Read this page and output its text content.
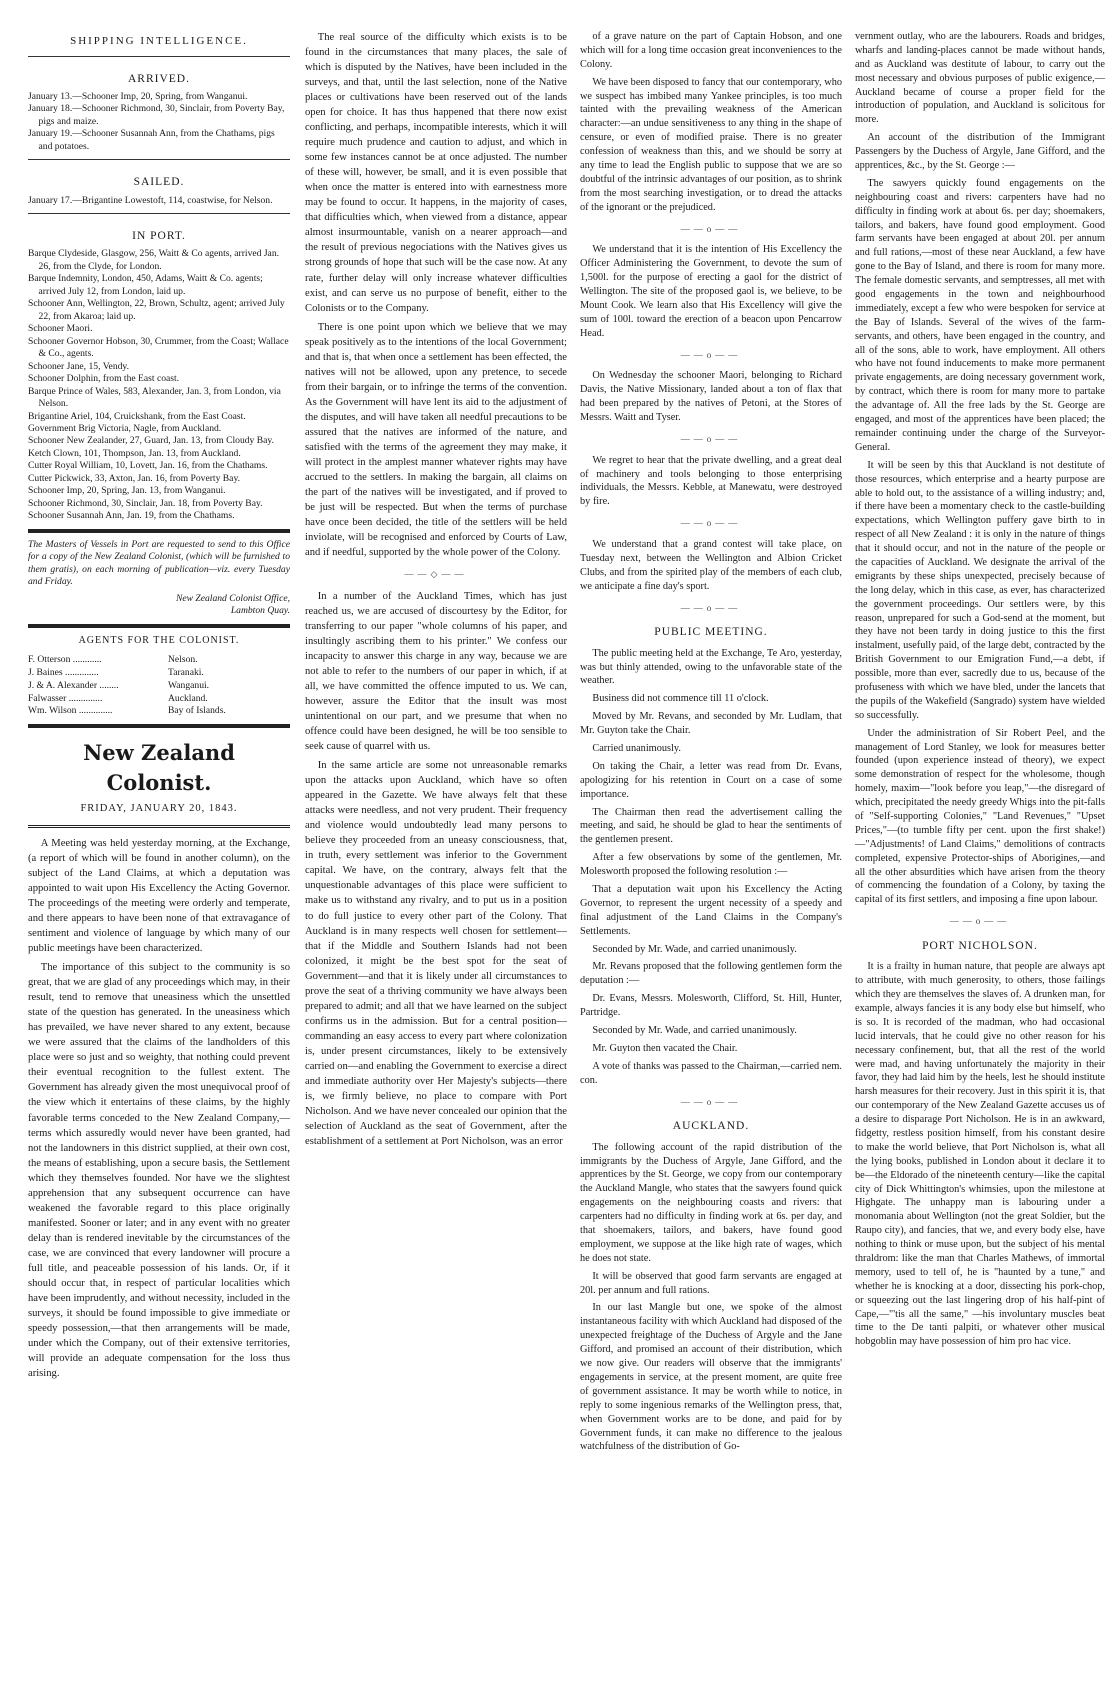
SHIPPING INTELLIGENCE.
ARRIVED.

January 13.—Schooner Imp, 20, Spring, from Wanganui.

January 18.—Schooner Richmond, 30, Sinclair, from Poverty Bay, pigs and maize.

January 19.—Schooner Susannah Ann, from the Chathams, pigs and potatoes.

SAILED.

January 17.—Brigantine Lowestoft, 114, coastwise, for Nelson.

IN PORT.

Barque Clydeside, Glasgow, 256, Waitt & Co agents, arrived Jan. 26, from the Clyde, for London.

Barque Indemnity, London, 450, Adams, Waitt & Co. agents; arrived July 12, from London, laid up.

Schooner Ann, Wellington, 22, Brown, Schultz, agent; arrived July 22, from Akaroa; laid up.

Schooner Maori.

Schooner Governor Hobson, 30, Crummer, from the Coast; Wallace & Co., agents.

Schooner Jane, 15, Vendy.

Schooner Dolphin, from the East coast.

Barque Prince of Wales, 583, Alexander, Jan. 3, from London, via Nelson.

Brigantine Ariel, 104, Cruickshank, from the East Coast.

Government Brig Victoria, Nagle, from Auckland.

Schooner New Zealander, 27, Guard, Jan. 13, from Cloudy Bay.

Ketch Clown, 101, Thompson, Jan. 13, from Auckland.

Cutter Royal William, 10, Lovett, Jan. 16, from the Chathams.

Cutter Pickwick, 33, Axton, Jan. 16, from Poverty Bay.

Schooner Imp, 20, Spring, Jan. 13, from Wanganui.

Schooner Richmond, 30, Sinclair, Jan. 18, from Poverty Bay.

Schooner Susannah Ann, Jan. 19, from the Chathams.

The Masters of Vessels in Port are requested to send to this Office for a copy of the New Zealand Colonist, (which will be furnished to them gratis), on each morning of publication—viz. every Tuesday and Friday.

New Zealand Colonist Office,
Lambton Quay.
AGENTS FOR THE COLONIST.
F. Otterson ............	Nelson.
J. Baines ..............	Taranaki.
J. & A. Alexander ........	Wanganui.
Falwasser ..............	Auckland.
Wm. Wilson ..............	Bay of Islands.
New Zealand Colonist.
FRIDAY, JANUARY 20, 1843.

A Meeting was held yesterday morning, at the Exchange, (a report of which will be found in another column), on the subject of the Land Claims, at which a deputation was appointed to wait upon His Excellency the Acting Governor. The proceedings of the meeting were orderly and temperate, and there appears to have been none of that extravagance of sentiment and violence of language by which many of our public meetings have been characterized.

The importance of this subject to the community is so great, that we are glad of any proceedings which may, in their result, tend to remove that uneasiness which the unsettled state of the question has generated. In the uneasiness which has prevailed, we have never shared to any extent, because we were assured that the claims of the landholders of this place were so just and so weighty, that nothing could prevent their eventual recognition to the fullest extent. The Government has already given the most unequivocal proof of the view which it entertains of these claims, by the highly favorable terms conceded to the New Zealand Company,—terms which assuredly would never have been granted, had not the landowners in this district supplied, at their own cost, the means of establishing, upon a secure basis, the Settlement which they themselves founded. Nor have we the slightest apprehension that any subsequent occurrence can have weakened the favorable regard to this place originally manifested. Sooner or later; and in any event with no greater delay than is rendered inevitable by the circumstances of the case, we are convinced that every landowner will procure a full title, and peaceable possession of his lands. Or, if it should occur that, in respect of particular localities which have been imprudently, and without necessity, included in the surveys, it should be found impossible to give immediate or speedy possession,—that then arrangements will be made, under which the Company, out of their extensive territories, will provide an adequate compensation for the loss thus arising.

The real source of the difficulty which exists is to be found in the circumstances that many places, the sale of which is disputed by the Natives, have been included in the surveys, and that, until the last selection, none of the Native places or cultivations have been reserved out of the lands open for choice. It has thus happened that there now exist conflicting, and perhaps, incompatible interests, which it will require much prudence and caution to adjust, and which in some few instances cannot be at once adjusted. The number of these will, however, be small, and it is even possible that when once the matter is entered into with earnestness more may be found to occur. It happens, in the majority of cases, that difficulties which, when viewed from a distance, appear almost insurmountable, vanish on a nearer approach—and the result of previous negociations with the Natives gives us strong grounds of hope that such will be the case now. At any rate, further delay will only increase whatever difficulties exist, and can serve us no purpose of benefit, either to the Colonists or to the Company.

There is one point upon which we believe that we may speak positively as to the intentions of the local Government; and that is, that when once a settlement has been effected, the natives will not be allowed, upon any pretence, to secede from their bargain, or to infringe the terms of the convention. As the Government will have lent its aid to the adjustment of the disputes, and will have taken all needful precautions to be assured that the natives are informed of the nature, and satisfied with the terms of the agreement they may make, it will protect in the amplest manner whatever rights may have accrued to the settlers. In making the bargain, all claims on the part of the natives will be investigated, and if proved to be just will be respected. But when the terms of purchase have once been decided, the title of the settlers will be held inviolate, will be recognised and enforced by Courts of Law, and if needful, supported by the whole power of the Colony.

——◇——

In a number of the Auckland Times, which has just reached us, we are accused of discourtesy by the Editor, for transferring to our paper "whole columns of his paper, and insultingly ascribing them to his printer." We confess our incapacity to answer this charge in any way, because we are not able to refer to the numbers of our paper in which, if at all, we have committed the offence imputed to us. We can, however, assure the Editor that the insult was most unintentional on our part, and we presume that when no offence could have been designed, he will be too sensible to seek cause of quarrel with us.

In the same article are some not unreasonable remarks upon the attacks upon Auckland, which have so often appeared in the Gazette. We have always felt that these attacks were needless, and not very prudent. Their frequency and violence would undoubtedly lead many persons to believe they proceeded from an uneasy consciousness, that, in truth, every settlement was inferior to the Government capital. We have, on the contrary, always felt that the unquestionable advantages of this place were sufficient to make us to withstand any rivalry, and to put us in a position to do full justice to every other part of the Colony. That Auckland is in many respects well chosen for settlement—that if the Middle and Southern Islands had not been colonized, it might be the best spot for the seat of Government—and that it is likely under all circumstances to prove the seat of a thriving community we have always been prepared to admit; and all that we have learned on the subject confirms us in the admission. But for a central position—commanding an easy access to every part where colonization is, under present circumstances, likely to be extensively carried on—and enabling the Government to exercise a direct and immediate authority over Her Majesty's subjects—there is, we firmly believe, no place to compare with Port Nicholson. And we have never concealed our opinion that the selection of Auckland as the seat of Government, after the establishment of a settlement at Port Nicholson, was an error

of a grave nature on the part of Captain Hobson, and one which will for a long time occasion great inconveniences to the Colony.

We have been disposed to fancy that our contemporary, who we suspect has imbibed many Yankee principles, is too much tainted with the prevailing weakness of the American character:—an undue sensitiveness to any thing in the shape of censure, or even of modified praise. There is no greater confession of weakness than this, and we should be sorry at any time to lead the English public to suppose that we are so doubtful of the intrinsic advantages of our position, as to shrink from the most searching investigation, or to dread the attacks of the ignorant or the prejudiced.

——o——

We understand that it is the intention of His Excellency the Officer Administering the Government, to devote the sum of 1,500l. for the purpose of erecting a gaol for the district of Wellington. The site of the proposed gaol is, we believe, to be Mount Cook. We learn also that His Excellency will give the sum of 100l. toward the erection of a beacon upon Pencarrow Head.

——o——

On Wednesday the schooner Maori, belonging to Richard Davis, the Native Missionary, landed about a ton of flax that had been prepared by the natives of Petoni, at the Stores of Messrs. Waitt and Tyser.

——o——

We regret to hear that the private dwelling, and a great deal of machinery and tools belonging to those enterprising individuals, the Messrs. Kebble, at Manewatu, were destroyed by fire.

——o——

We understand that a grand contest will take place, on Tuesday next, between the Wellington and Albion Cricket Clubs, and from the spirited play of the members of each club, we anticipate a fine day's sport.

——o——
PUBLIC MEETING.

The public meeting held at the Exchange, Te Aro, yesterday, was but thinly attended, owing to the unfavorable state of the weather.

Business did not commence till 11 o'clock.

Moved by Mr. Revans, and seconded by Mr. Ludlam, that Mr. Guyton take the Chair.

Carried unanimously.

On taking the Chair, a letter was read from Dr. Evans, apologizing for his retention in Court on a case of some importance.

The Chairman then read the advertisement calling the meeting, and said, he should be glad to hear the sentiments of the gentlemen present.

After a few observations by some of the gentlemen, Mr. Molesworth proposed the following resolution :—

That a deputation wait upon his Excellency the Acting Governor, to represent the urgent necessity of a speedy and final adjustment of the Land Claims in the Company's Settlements.

Seconded by Mr. Wade, and carried unanimously.

Mr. Revans proposed that the following gentlemen form the deputation :—

Dr. Evans, Messrs. Molesworth, Clifford, St. Hill, Hunter, Partridge.

Seconded by Mr. Wade, and carried unanimously.

Mr. Guyton then vacated the Chair.

A vote of thanks was passed to the Chairman,—carried nem. con.

——o——
AUCKLAND.

The following account of the rapid distribution of the immigrants by the Duchess of Argyle, Jane Gifford, and the apprentices by the St. George, we copy from our contemporary the Auckland Mangle, who states that the sawyers found quick engagements on the neighbouring coasts and rivers: that carpenters had no difficulty in finding work at 6s. per day, and that shoemakers, tailors, and bakers, have found good employment, we suppose at the like high rate of wages, which he does not state.

It will be observed that good farm servants are engaged at 20l. per annum and full rations.

In our last Mangle but one, we spoke of the almost instantaneous facility with which Auckland had disposed of the unexpected freightage of the Duchess of Argyle and the Jane Gifford, and promised an account of their distribution, which we now give. Our readers will observe that the immigrants' engagements in service, at the present moment, are quite free of government assistance. It may be worth while to notice, in reply to some ingenious remarks of the Wellington press, that, when Government works are to be done, and paid for by Government funds, it can make no difference to the jealous watchfulness of the distribution of Go-

vernment outlay, who are the labourers. Roads and bridges, wharfs and landing-places cannot be made without hands, and as Auckland was destitute of labour, to carry out the most necessary and obvious purposes of public exigence,—Auckland became of course a proper field for the introduction of population, and Auckland is solicitous for more.

An account of the distribution of the Immigrant Passengers by the Duchess of Argyle, Jane Gifford, and the apprentices, &c., by the St. George :—

The sawyers quickly found engagements on the neighbouring coast and rivers: carpenters have had no difficulty in finding work at about 6s. per day; shoemakers, tailors, and bakers, have found good employment. Good farm servants have been engaged at about 20l. per annum and full rations,—most of these near Auckland, a few have gone to the Bay of Island, and there is room for many more. The female domestic servants, and semptresses, all met with good engagements in the town and neighbourhood immediately, except a few who were bespoken for service at the Bay of Islands. Several of the wives of the farm-servants, and others, have been engaged in the country, and all of the sons, able to work, have employment. All others who have not found inducements to make more permanent private engagements, are doing necessary government work, by contract, which there is room for many more to partake the advantage of. All the free lads by the St. George are engaged, and most of the apprentices have been placed; the remainder continuing under the charge of the Surveyor-General.

It will be seen by this that Auckland is not destitute of those resources, which enterprise and a hearty purpose are able to hold out, to the assistance of a willing industry; and, if there have been a momentary check to the castle-building expectations, which Wellington puffery gave birth to in respect of all New Zealand : it is only in the nature of things that it should occur, and not in the nature of the people or the capacities of Auckland. We designate the arrival of the emigrants by these ships unexpected, precisely because of the long delay, which in this case, as ever, has characterized the government proceedings. Our settlers were, by this reason, unprepared for such a God-send at the moment, but they have not been tardy in doing justice to this the first instalment, usefully paid, of the large debt, contracted by the British Government to our Emigration Fund,—a debt, if possible, more than ever, sacredly due to us, because of the profuseness with which we have bled, under the lancets that the pupils of the Wakefield (Sangrado) system have wielded so successfully.

Under the administration of Sir Robert Peel, and the management of Lord Stanley, we look for measures better founded (upon experience instead of theory), we expect some demonstration of respect for the wholesome, though homely, maxim—"look before you leap,"—the disregard of which, precipitated the needy greedy Whigs into the pit-falls of "Self-supporting Colonies," "Land Revenues," "Upset Prices,"—(to tumble fifty per cent. upon the first shake!)—"Adjustments! of Land Claims," demolitions of contracts completed, expensive Protector-ships of Aborigines,—and all the other absurdities which have arisen from the theory of commencing the foundation of a Colony, by taxing the capital of its first settlers, and imposing a fine upon labour.

——o——
PORT NICHOLSON.

It is a frailty in human nature, that people are always apt to attribute, with much generosity, to others, those failings which they are themselves the slaves of. A drunken man, for example, always fancies it is any body else but himself, who is so. It is recorded of the madman, who had occasional lucid intervals, that he could give no other reason for his necessary confinement, but, that all the rest of the world were mad, and having unfortunately the majority in their favor, they had laid him by the heels, lest he should institute harsh measures for their recovery. Just in this spirit it is, that our contemporary of the New Zealand Gazette accuses us of a desire to disparage Port Nicholson. He is in an awkward, fidgetty, restless position himself, from his constant desire to make the world believe, that Port Nicholson is, what all the lying books, published in London about it declare it to be—the Eldorado of the nineteenth century—like the capital city of Dick Whittington's whimsies, upon the milestone at Highgate. The unhappy man is labouring under a monomania about Wellington (not the great Soldier, but the Raupo city), and fancies, that we, and every body else, have nothing to think or muse upon, but the subject of his mental thraldrom: like the man that Charles Mathews, of immortal memory, used to tell of, he is "haunted by a tune," and whether he is knocking at a door, dissecting his pork-chop, or squeezing out the last lingering drop of his half-pint of Cape,—"'tis all the same," —his involuntary muscles beat time to the De tanti palpiti, or whatever other musical hobgoblin may have possession of him pro hac vice.
